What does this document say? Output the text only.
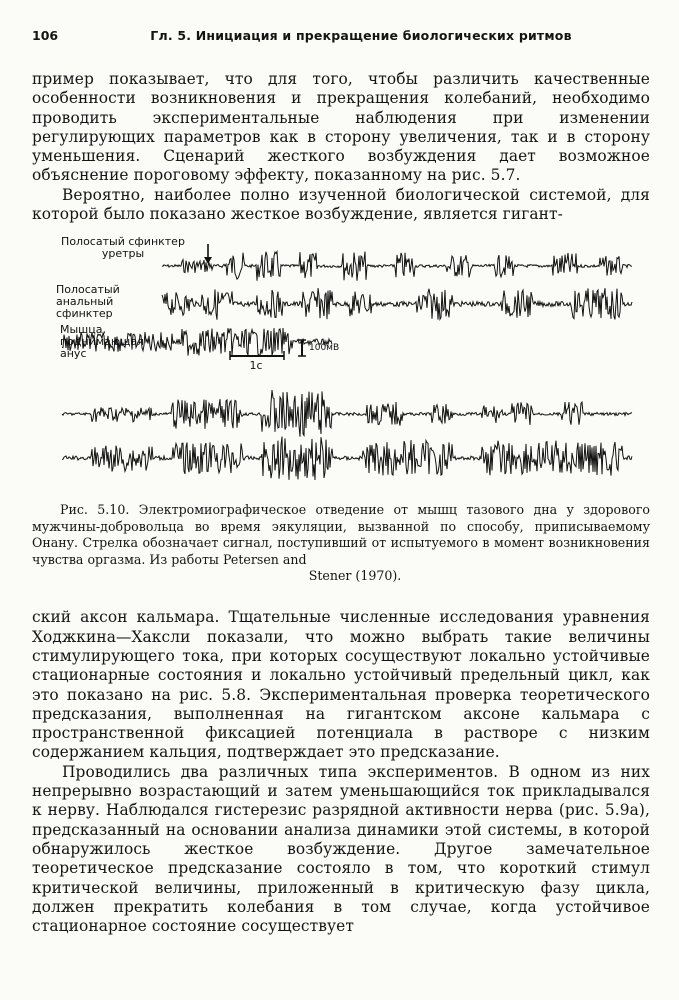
106	Гл. 5. Инициация и прекращение биологических ритмов

пример показывает, что для того, чтобы различить качественные особенности возникновения и прекращения колебаний, необходимо проводить экспериментальные наблюдения при изменении регулирующих параметров как в сторону увеличения, так и в сторону уменьшения. Сценарий жесткого возбуждения дает возможное объяснение пороговому эффекту, показанному на рис. 5.7.

Вероятно, наиболее полно изученной биологической системой, для которой было показано жесткое возбуждение, является гигант-

Полосатый сфинктер уретры
Полосатый анальный сфинктер
Мышца, поднимающая анус
1с
100мВ
Рис. 5.10. Электромиографическое отведение от мышц тазового дна у здорового мужчины-добровольца во время эякуляции, вызванной по способу, приписываемому Онану. Стрелка обозначает сигнал, поступивший от испытуемого в момент возникновения чувства оргазма. Из работы Petersen and
Stener (1970).

ский аксон кальмара. Тщательные численные исследования уравнения Ходжкина—Хаксли показали, что можно выбрать такие величины стимулирующего тока, при которых сосуществуют локально устойчивые стационарные состояния и локально устойчивый предельный цикл, как это показано на рис. 5.8. Экспериментальная проверка теоретического предсказания, выполненная на гигантском аксоне кальмара с пространственной фиксацией потенциала в растворе с низким содержанием кальция, подтверждает это предсказание.

Проводились два различных типа экспериментов. В одном из них непрерывно возрастающий и затем уменьшающийся ток прикладывался к нерву. Наблюдался гистерезис разрядной активности нерва (рис. 5.9а), предсказанный на основании анализа динамики этой системы, в которой обнаружилось жесткое возбуждение. Другое замечательное теоретическое предсказание состояло в том, что короткий стимул критической величины, приложенный в критическую фазу цикла, должен прекратить колебания в том случае, когда устойчивое стационарное состояние сосуществует
